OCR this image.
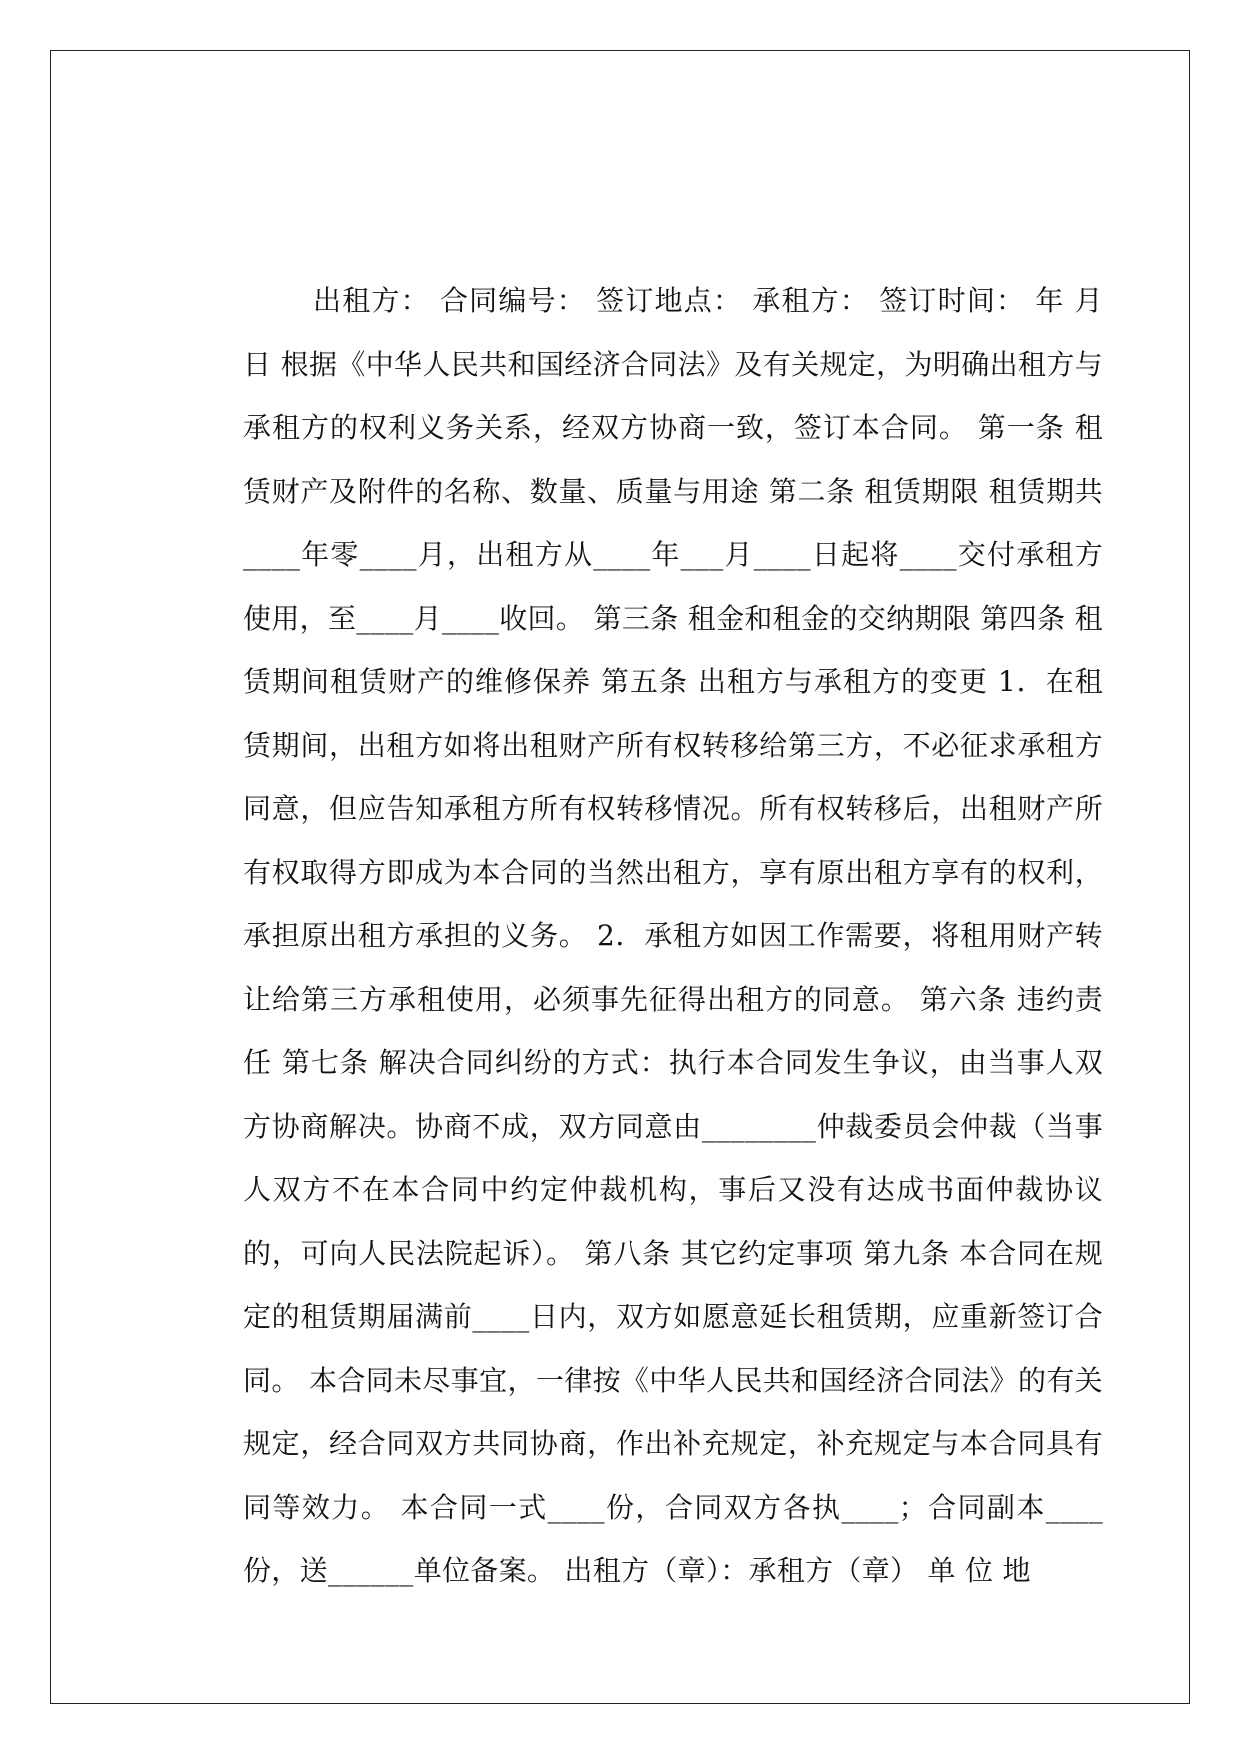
出租方： 合同编号： 签订地点： 承租方： 签订时间： 年 月 日 根据《中华人民共和国经济合同法》及有关规定，为明确出租方与承租方的权利义务关系，经双方协商一致，签订本合同。 第一条 租赁财产及附件的名称、数量、质量与用途 第二条 租赁期限 租赁期共____年零____月，出租方从____年___月____日起将____交付承租方使用，至____月____收回。 第三条 租金和租金的交纳期限 第四条 租赁期间租赁财产的维修保养 第五条 出租方与承租方的变更 1．在租赁期间，出租方如将出租财产所有权转移给第三方，不必征求承租方同意，但应告知承租方所有权转移情况。所有权转移后，出租财产所有权取得方即成为本合同的当然出租方，享有原出租方享有的权利，承担原出租方承担的义务。 2．承租方如因工作需要，将租用财产转让给第三方承租使用，必须事先征得出租方的同意。 第六条 违约责任 第七条 解决合同纠纷的方式：执行本合同发生争议，由当事人双方协商解决。协商不成，双方同意由________仲裁委员会仲裁（当事人双方不在本合同中约定仲裁机构，事后又没有达成书面仲裁协议的，可向人民法院起诉）。 第八条 其它约定事项 第九条 本合同在规定的租赁期届满前____日内，双方如愿意延长租赁期，应重新签订合同。 本合同未尽事宜，一律按《中华人民共和国经济合同法》的有关规定，经合同双方共同协商，作出补充规定，补充规定与本合同具有同等效力。 本合同一式____份，合同双方各执____；合同副本____份，送______单位备案。 出租方（章）：承租方（章） 单 位 地
